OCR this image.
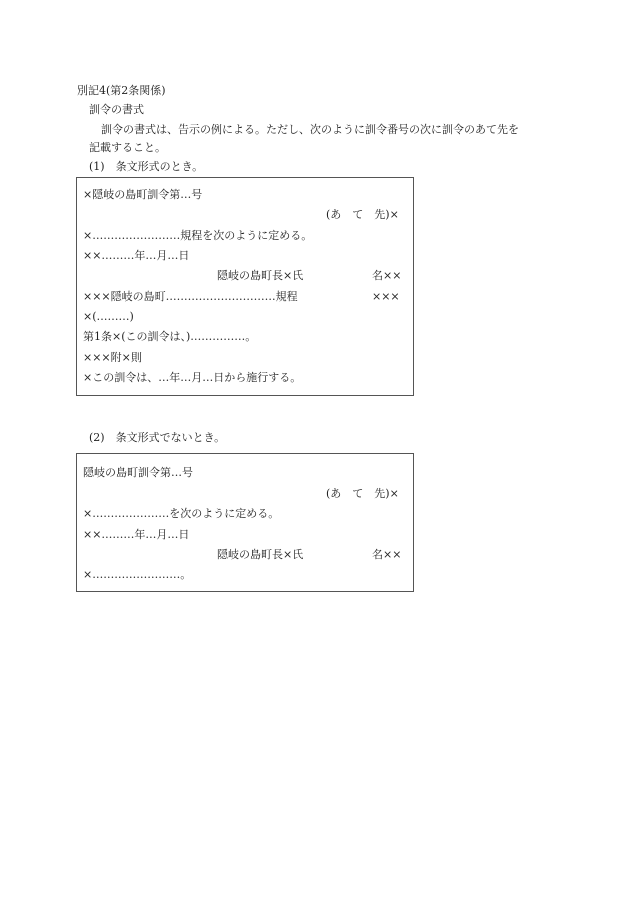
別記4(第2条関係)
訓令の書式
訓令の書式は、告示の例による。ただし、次のように訓令番号の次に訓令のあて先を
記載すること。
(1)　条文形式のとき。
×隠岐の島町訓令第…号
(あ　て　先)×
×……………………規程を次のように定める。
××………年…月…日
隠岐の島町長×氏	名××
×××隠岐の島町…………………………規程	×××
×(………)
第1条×(この訓令は、)……………。
×××附×則
×この訓令は、…年…月…日から施行する。
(2)　条文形式でないとき。
隠岐の島町訓令第…号
(あ　て　先)×
×…………………を次のように定める。
××………年…月…日
隠岐の島町長×氏	名××
×……………………。
